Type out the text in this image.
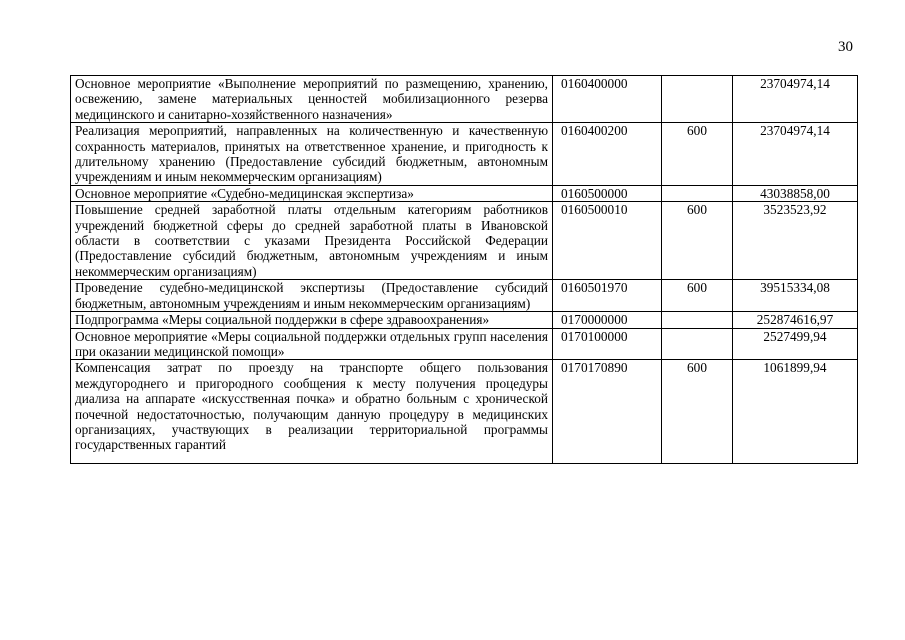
30
Основное мероприятие «Выполнение мероприятий по размещению, хранению, освежению, замене материальных ценностей мобилизационного резерва медицинского и санитарно-хозяйственного назначения»	0160400000		23704974,14
Реализация мероприятий, направленных на количественную и качественную сохранность материалов, принятых на ответственное хранение, и пригодность к длительному хранению (Предоставление субсидий бюджетным, автономным учреждениям и иным некоммерческим организациям)	0160400200	600	23704974,14
Основное мероприятие «Судебно-медицинская экспертиза»	0160500000		43038858,00
Повышение средней заработной платы отдельным категориям работников учреждений бюджетной сферы до средней заработной платы в Ивановской области в соответствии с указами Президента Российской Федерации (Предоставление субсидий бюджетным, автономным учреждениям и иным некоммерческим организациям)	0160500010	600	3523523,92
Проведение судебно-медицинской экспертизы (Предоставление субсидий бюджетным, автономным учреждениям и иным некоммерческим организациям)	0160501970	600	39515334,08
Подпрограмма «Меры социальной поддержки в сфере здравоохранения»	0170000000		252874616,97
Основное мероприятие «Меры социальной поддержки отдельных групп населения при оказании медицинской помощи»	0170100000		2527499,94
Компенсация затрат по проезду на транспорте общего пользования междугороднего и пригородного сообщения к месту получения процедуры диализа на аппарате «искусственная почка» и обратно больным с хронической почечной недостаточностью, получающим данную процедуру в медицинских организациях, участвующих в реализации территориальной программы государственных гарантий	0170170890	600	1061899,94
